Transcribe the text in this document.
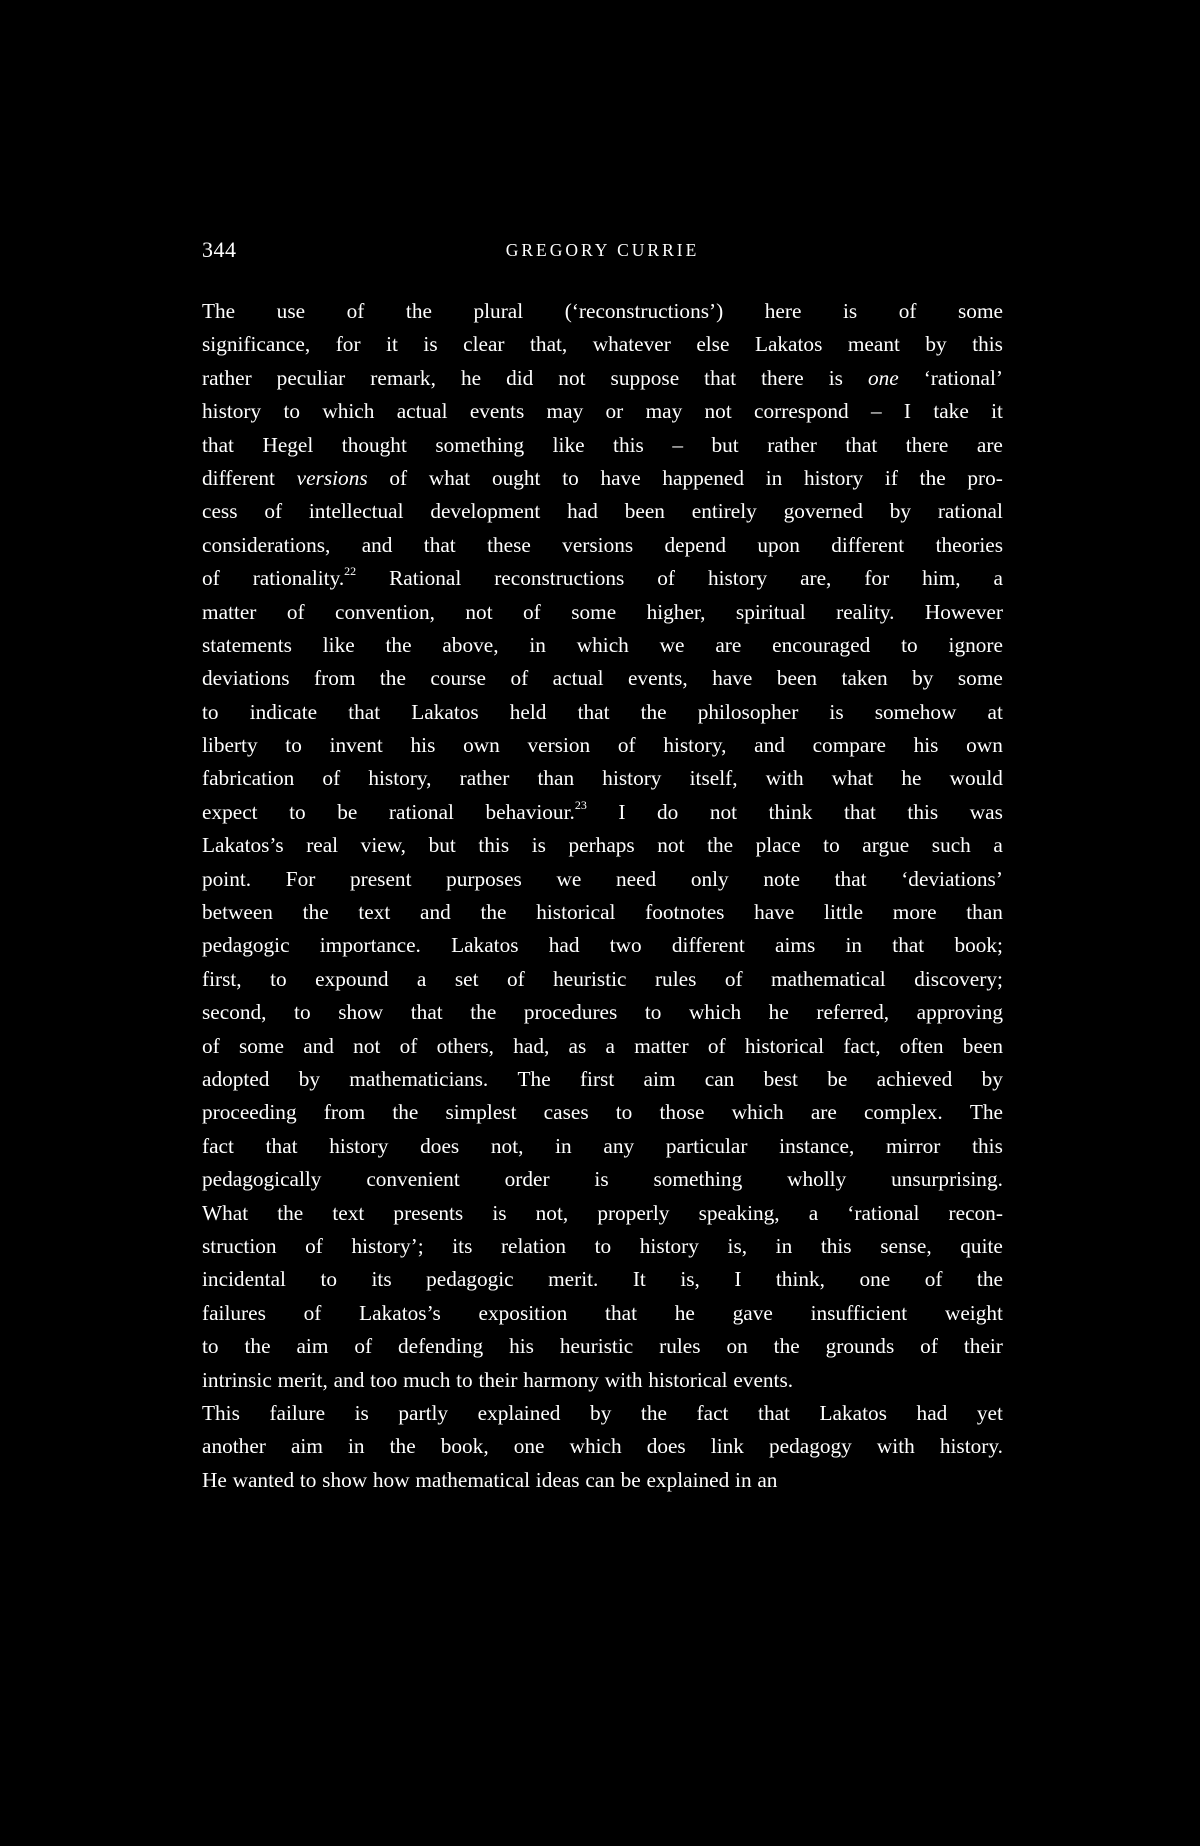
344	GREGORY CURRIE
The use of the plural (‘reconstructions’) here is of some
significance, for it is clear that, whatever else Lakatos meant by this
rather peculiar remark, he did not suppose that there is one ‘rational’
history to which actual events may or may not correspond – I take it
that Hegel thought something like this – but rather that there are
different versions of what ought to have happened in history if the pro-
cess of intellectual development had been entirely governed by rational
considerations, and that these versions depend upon different theories
of rationality.$^{22}$ Rational reconstructions of history are, for him, a
matter of convention, not of some higher, spiritual reality. However
statements like the above, in which we are encouraged to ignore
deviations from the course of actual events, have been taken by some
to indicate that Lakatos held that the philosopher is somehow at
liberty to invent his own version of history, and compare his own
fabrication of history, rather than history itself, with what he would
expect to be rational behaviour.$^{23}$ I do not think that this was
Lakatos’s real view, but this is perhaps not the place to argue such a
point. For present purposes we need only note that ‘deviations’
between the text and the historical footnotes have little more than
pedagogic importance. Lakatos had two different aims in that book;
first, to expound a set of heuristic rules of mathematical discovery;
second, to show that the procedures to which he referred, approving
of some and not of others, had, as a matter of historical fact, often been
adopted by mathematicians. The first aim can best be achieved by
proceeding from the simplest cases to those which are complex. The
fact that history does not, in any particular instance, mirror this
pedagogically convenient order is something wholly unsurprising.
What the text presents is not, properly speaking, a ‘rational recon-
struction of history’; its relation to history is, in this sense, quite
incidental to its pedagogic merit. It is, I think, one of the
failures of Lakatos’s exposition that he gave insufficient weight
to the aim of defending his heuristic rules on the grounds of their
intrinsic merit, and too much to their harmony with historical events.
This failure is partly explained by the fact that Lakatos had yet
another aim in the book, one which does link pedagogy with history.
He wanted to show how mathematical ideas can be explained in an
